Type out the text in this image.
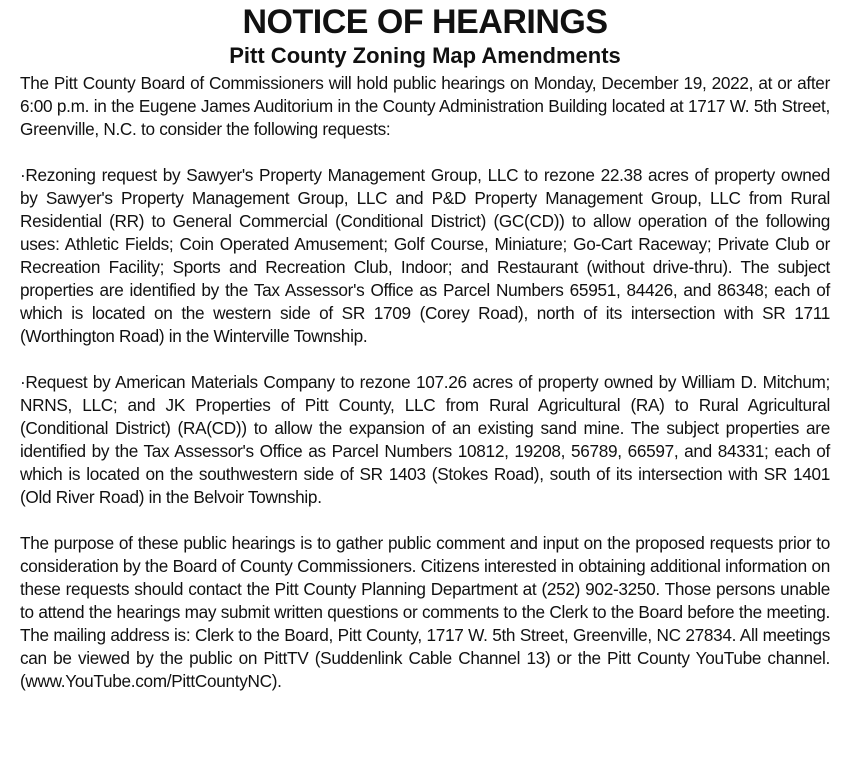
NOTICE OF HEARINGS
Pitt County Zoning Map Amendments

The Pitt County Board of Commissioners will hold public hearings on Monday, December 19, 2022, at or after 6:00 p.m. in the Eugene James Auditorium in the County Administration Building located at 1717 W. 5th Street, Greenville, N.C. to consider the following requests:

·Rezoning request by Sawyer's Property Management Group, LLC to rezone 22.38 acres of property owned by Sawyer's Property Management Group, LLC and P&D Property Management Group, LLC from Rural Residential (RR) to General Commercial (Conditional District) (GC(CD)) to allow operation of the following uses: Athletic Fields; Coin Operated Amusement; Golf Course, Miniature; Go-Cart Raceway; Private Club or Recreation Facility; Sports and Recreation Club, Indoor; and Restaurant (without drive-thru). The subject properties are identified by the Tax Assessor's Office as Parcel Numbers 65951, 84426, and 86348; each of which is located on the western side of SR 1709 (Corey Road), north of its intersection with SR 1711 (Worthington Road) in the Winterville Township.

·Request by American Materials Company to rezone 107.26 acres of property owned by William D. Mitchum; NRNS, LLC; and JK Properties of Pitt County, LLC from Rural Agricultural (RA) to Rural Agricultural (Conditional District) (RA(CD)) to allow the expansion of an existing sand mine. The subject properties are identified by the Tax Assessor's Office as Parcel Numbers 10812, 19208, 56789, 66597, and 84331; each of which is located on the southwestern side of SR 1403 (Stokes Road), south of its intersection with SR 1401 (Old River Road) in the Belvoir Township.

The purpose of these public hearings is to gather public comment and input on the proposed requests prior to consideration by the Board of County Commissioners. Citizens interested in obtaining additional information on these requests should contact the Pitt County Planning Department at (252) 902-3250. Those persons unable to attend the hearings may submit written questions or comments to the Clerk to the Board before the meeting. The mailing address is: Clerk to the Board, Pitt County, 1717 W. 5th Street, Greenville, NC 27834. All meetings can be viewed by the public on PittTV (Suddenlink Cable Channel 13) or the Pitt County YouTube channel. (www.YouTube.com/PittCountyNC).
